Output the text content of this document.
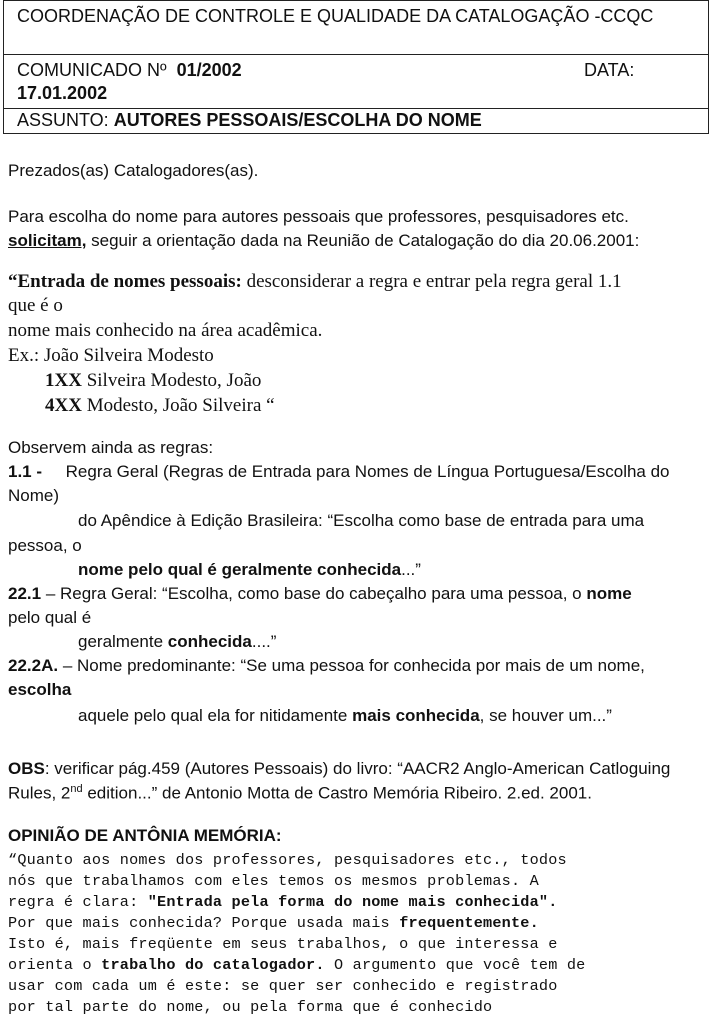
COORDENAÇÃO DE CONTROLE E QUALIDADE DA CATALOGAÇÃO -CCQC
COMUNICADO Nº 01/2002	DATA:
17.01.2002
ASSUNTO: AUTORES PESSOAIS/ESCOLHA DO NOME
Prezados(as) Catalogadores(as).
Para escolha do nome para autores pessoais que professores, pesquisadores etc.
solicitam, seguir a orientação dada na Reunião de Catalogação do dia 20.06.2001:
“Entrada de nomes pessoais: desconsiderar a regra e entrar pela regra geral 1.1
que é o
nome mais conhecido na área acadêmica.
Ex.: João Silveira Modesto
1XX Silveira Modesto, João
4XX Modesto, João Silveira “
Observem ainda as regras:
1.1 - Regra Geral (Regras de Entrada para Nomes de Língua Portuguesa/Escolha do
Nome)
do Apêndice à Edição Brasileira: “Escolha como base de entrada para uma
pessoa, o
nome pelo qual é geralmente conhecida...”
22.1 – Regra Geral: “Escolha, como base do cabeçalho para uma pessoa, o nome
pelo qual é
geralmente conhecida....”
22.2A. – Nome predominante: “Se uma pessoa for conhecida por mais de um nome,
escolha
aquele pelo qual ela for nitidamente mais conhecida, se houver um...”
OBS: verificar pág.459 (Autores Pessoais) do livro: “AACR2 Anglo-American Catloguing
Rules, 2nd edition...” de Antonio Motta de Castro Memória Ribeiro. 2.ed. 2001.
OPINIÃO DE ANTÔNIA MEMÓRIA:
“Quanto aos nomes dos professores, pesquisadores etc., todos
nós que trabalhamos com eles temos os mesmos problemas. A
regra é clara: "Entrada pela forma do nome mais conhecida".
Por que mais conhecida? Porque usada mais frequentemente.
Isto é, mais freqüente em seus trabalhos, o que interessa e
orienta o trabalho do catalogador. O argumento que você tem de
usar com cada um é este: se quer ser conhecido e registrado
por tal parte do nome, ou pela forma que é conhecido
